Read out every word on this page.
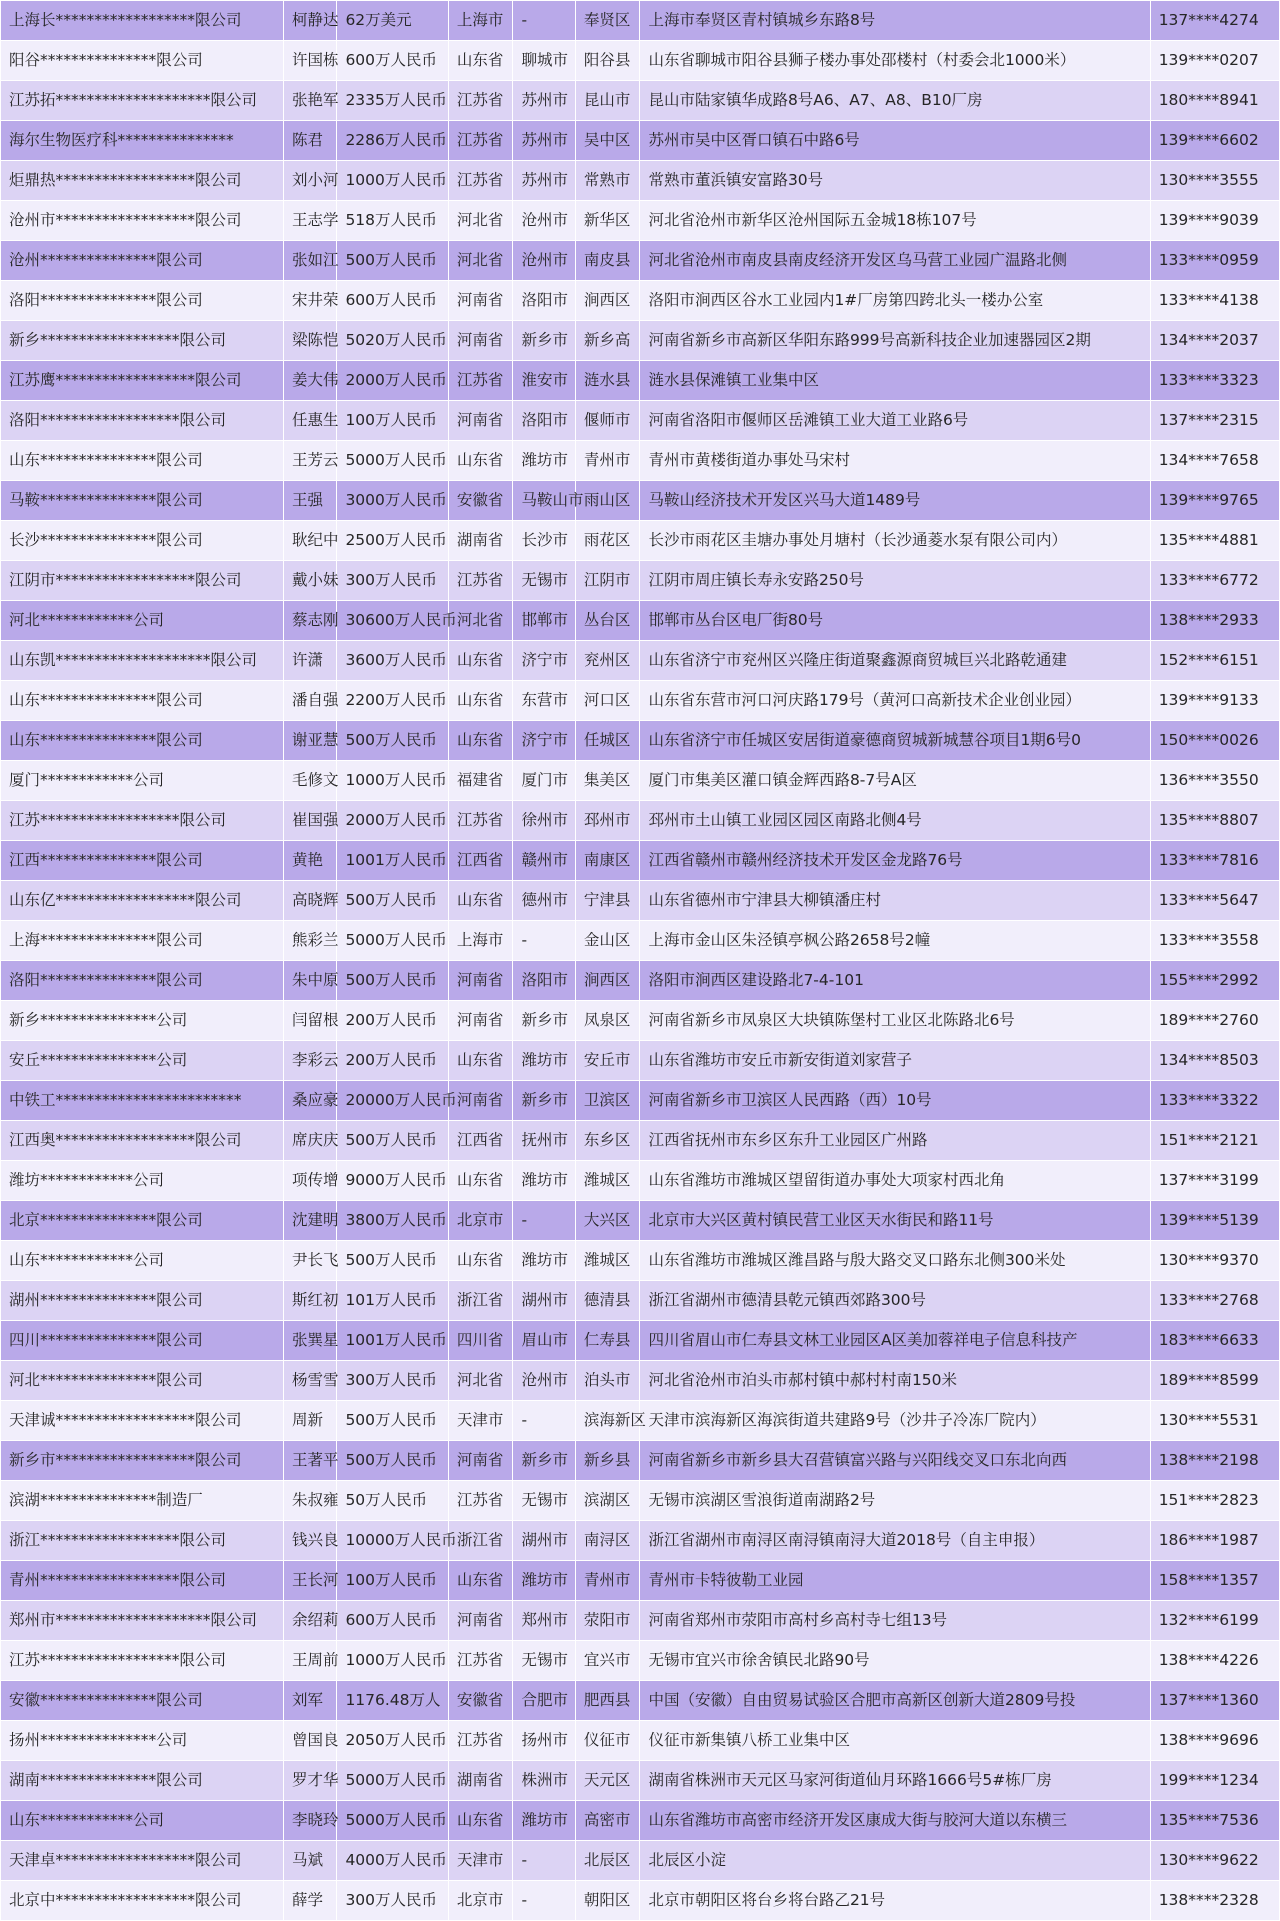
上海长******************限公司	柯静达	62万美元	上海市	-	奉贤区	上海市奉贤区青村镇城乡东路8号	137****4274
阳谷***************限公司	许国栋	600万人民币	山东省	聊城市	阳谷县	山东省聊城市阳谷县狮子楼办事处邵楼村（村委会北1000米）	139****0207
江苏拓********************限公司	张艳军	2335万人民币	江苏省	苏州市	昆山市	昆山市陆家镇华成路8号A6、A7、A8、B10厂房	180****8941
海尔生物医疗科***************	陈君	2286万人民币	江苏省	苏州市	吴中区	苏州市吴中区胥口镇石中路6号	139****6602
炬鼎热******************限公司	刘小河	1000万人民币	江苏省	苏州市	常熟市	常熟市董浜镇安富路30号	130****3555
沧州市******************限公司	王志学	518万人民币	河北省	沧州市	新华区	河北省沧州市新华区沧州国际五金城18栋107号	139****9039
沧州***************限公司	张如江	500万人民币	河北省	沧州市	南皮县	河北省沧州市南皮县南皮经济开发区乌马营工业园广温路北侧	133****0959
洛阳***************限公司	宋井荣	600万人民币	河南省	洛阳市	涧西区	洛阳市涧西区谷水工业园内1#厂房第四跨北头一楼办公室	133****4138
新乡******************限公司	梁陈恺	5020万人民币	河南省	新乡市	新乡高	河南省新乡市高新区华阳东路999号高新科技企业加速器园区2期	134****2037
江苏鹰******************限公司	姜大伟	2000万人民币	江苏省	淮安市	涟水县	涟水县保滩镇工业集中区	133****3323
洛阳******************限公司	任惠生	100万人民币	河南省	洛阳市	偃师市	河南省洛阳市偃师区岳滩镇工业大道工业路6号	137****2315
山东***************限公司	王芳云	5000万人民币	山东省	潍坊市	青州市	青州市黄楼街道办事处马宋村	134****7658
马鞍***************限公司	王强	3000万人民币	安徽省	马鞍山市	雨山区	马鞍山经济技术开发区兴马大道1489号	139****9765
长沙***************限公司	耿纪中	2500万人民币	湖南省	长沙市	雨花区	长沙市雨花区圭塘办事处月塘村（长沙通菱水泵有限公司内）	135****4881
江阴市******************限公司	戴小妹	300万人民币	江苏省	无锡市	江阴市	江阴市周庄镇长寿永安路250号	133****6772
河北************公司	蔡志刚	30600万人民币	河北省	邯郸市	丛台区	邯郸市丛台区电厂街80号	138****2933
山东凯********************限公司	许潇	3600万人民币	山东省	济宁市	兖州区	山东省济宁市兖州区兴隆庄街道聚鑫源商贸城巨兴北路乾通建	152****6151
山东***************限公司	潘自强	2200万人民币	山东省	东营市	河口区	山东省东营市河口河庆路179号（黄河口高新技术企业创业园）	139****9133
山东***************限公司	谢亚慧	500万人民币	山东省	济宁市	任城区	山东省济宁市任城区安居街道豪德商贸城新城慧谷项目1期6号0	150****0026
厦门************公司	毛修文	1000万人民币	福建省	厦门市	集美区	厦门市集美区灌口镇金辉西路8-7号A区	136****3550
江苏******************限公司	崔国强	2000万人民币	江苏省	徐州市	邳州市	邳州市土山镇工业园区园区南路北侧4号	135****8807
江西***************限公司	黄艳	1001万人民币	江西省	赣州市	南康区	江西省赣州市赣州经济技术开发区金龙路76号	133****7816
山东亿******************限公司	高晓辉	500万人民币	山东省	德州市	宁津县	山东省德州市宁津县大柳镇潘庄村	133****5647
上海***************限公司	熊彩兰	5000万人民币	上海市	-	金山区	上海市金山区朱泾镇亭枫公路2658号2幢	133****3558
洛阳***************限公司	朱中原	500万人民币	河南省	洛阳市	涧西区	洛阳市涧西区建设路北7-4-101	155****2992
新乡***************公司	闫留根	200万人民币	河南省	新乡市	凤泉区	河南省新乡市凤泉区大块镇陈堡村工业区北陈路北6号	189****2760
安丘***************公司	李彩云	200万人民币	山东省	潍坊市	安丘市	山东省潍坊市安丘市新安街道刘家营子	134****8503
中铁工************************	桑应豪	20000万人民币	河南省	新乡市	卫滨区	河南省新乡市卫滨区人民西路（西）10号	133****3322
江西奥******************限公司	席庆庆	500万人民币	江西省	抚州市	东乡区	江西省抚州市东乡区东升工业园区广州路	151****2121
潍坊************公司	项传增	9000万人民币	山东省	潍坊市	潍城区	山东省潍坊市潍城区望留街道办事处大项家村西北角	137****3199
北京***************限公司	沈建明	3800万人民币	北京市	-	大兴区	北京市大兴区黄村镇民营工业区天水街民和路11号	139****5139
山东************公司	尹长飞	500万人民币	山东省	潍坊市	潍城区	山东省潍坊市潍城区潍昌路与殷大路交叉口路东北侧300米处	130****9370
湖州***************限公司	斯红初	101万人民币	浙江省	湖州市	德清县	浙江省湖州市德清县乾元镇西郊路300号	133****2768
四川***************限公司	张巽星	1001万人民币	四川省	眉山市	仁寿县	四川省眉山市仁寿县文林工业园区A区美加蓉祥电子信息科技产	183****6633
河北***************限公司	杨雪雪	300万人民币	河北省	沧州市	泊头市	河北省沧州市泊头市郝村镇中郝村村南150米	189****8599
天津诚******************限公司	周新	500万人民币	天津市	-	滨海新区	天津市滨海新区海滨街道共建路9号（沙井子冷冻厂院内）	130****5531
新乡市******************限公司	王著平	500万人民币	河南省	新乡市	新乡县	河南省新乡市新乡县大召营镇富兴路与兴阳线交叉口东北向西	138****2198
滨湖***************制造厂	朱叔雍	50万人民币	江苏省	无锡市	滨湖区	无锡市滨湖区雪浪街道南湖路2号	151****2823
浙江******************限公司	钱兴良	10000万人民币	浙江省	湖州市	南浔区	浙江省湖州市南浔区南浔镇南浔大道2018号（自主申报）	186****1987
青州******************限公司	王长河	100万人民币	山东省	潍坊市	青州市	青州市卡特彼勒工业园	158****1357
郑州市********************限公司	余绍莉	600万人民币	河南省	郑州市	荥阳市	河南省郑州市荥阳市高村乡高村寺七组13号	132****6199
江苏******************限公司	王周前	1000万人民币	江苏省	无锡市	宜兴市	无锡市宜兴市徐舍镇民北路90号	138****4226
安徽***************限公司	刘军	1176.48万人	安徽省	合肥市	肥西县	中国（安徽）自由贸易试验区合肥市高新区创新大道2809号投	137****1360
扬州***************公司	曾国良	2050万人民币	江苏省	扬州市	仪征市	仪征市新集镇八桥工业集中区	138****9696
湖南***************限公司	罗才华	5000万人民币	湖南省	株洲市	天元区	湖南省株洲市天元区马家河街道仙月环路1666号5#栋厂房	199****1234
山东************公司	李晓玲	5000万人民币	山东省	潍坊市	高密市	山东省潍坊市高密市经济开发区康成大街与胶河大道以东横三	135****7536
天津卓******************限公司	马斌	4000万人民币	天津市	-	北辰区	北辰区小淀	130****9622
北京中******************限公司	薛学	300万人民币	北京市	-	朝阳区	北京市朝阳区将台乡将台路乙21号	138****2328
